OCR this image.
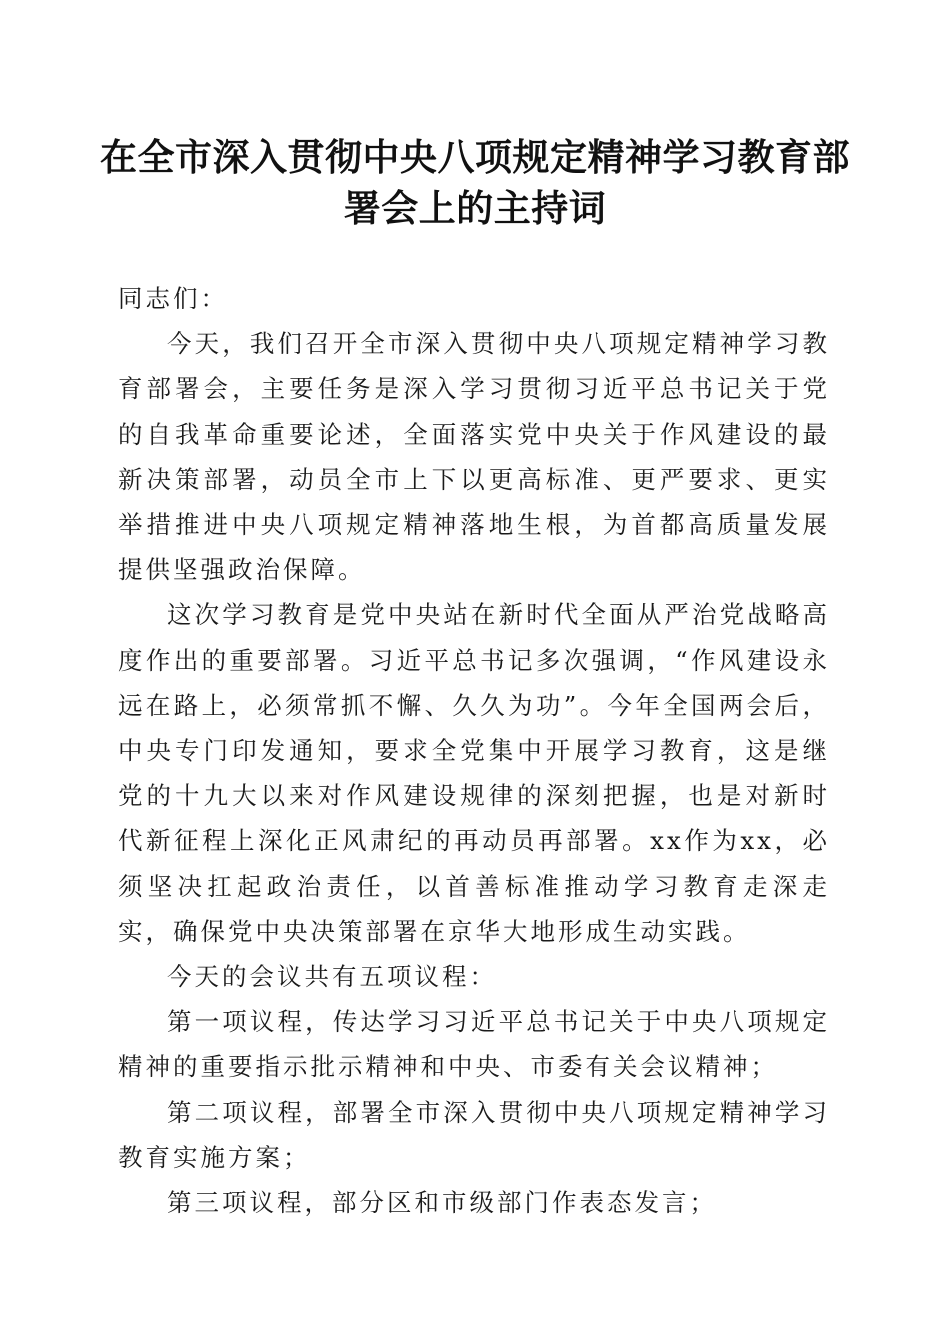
在全市深入贯彻中央八项规定精神学习教育部署会上的主持词

同志们：

今天，我们召开全市深入贯彻中央八项规定精神学习教育部署会，主要任务是深入学习贯彻习近平总书记关于党的自我革命重要论述，全面落实党中央关于作风建设的最新决策部署，动员全市上下以更高标准、更严要求、更实举措推进中央八项规定精神落地生根，为首都高质量发展提供坚强政治保障。

这次学习教育是党中央站在新时代全面从严治党战略高度作出的重要部署。习近平总书记多次强调，“作风建设永远在路上，必须常抓不懈、久久为功”。今年全国两会后，中央专门印发通知，要求全党集中开展学习教育，这是继党的十九大以来对作风建设规律的深刻把握，也是对新时代新征程上深化正风肃纪的再动员再部署。xx作为xx，必须坚决扛起政治责任，以首善标准推动学习教育走深走实，确保党中央决策部署在京华大地形成生动实践。

今天的会议共有五项议程：

第一项议程，传达学习习近平总书记关于中央八项规定精神的重要指示批示精神和中央、市委有关会议精神；

第二项议程，部署全市深入贯彻中央八项规定精神学习教育实施方案；

第三项议程，部分区和市级部门作表态发言；
